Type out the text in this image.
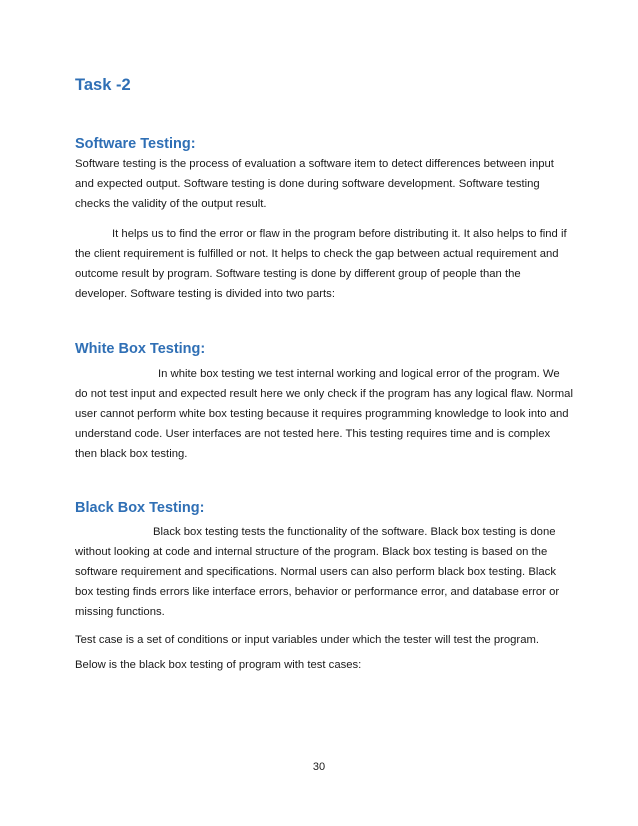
Task -2
Software Testing:

Software testing is the process of evaluation a software item to detect differences between input and expected output. Software testing is done during software development. Software testing checks the validity of the output result.

It helps us to find the error or flaw in the program before distributing it. It also helps to find if the client requirement is fulfilled or not. It helps to check the gap between actual requirement and outcome result by program. Software testing is done by different group of people than the developer. Software testing is divided into two parts:

White Box Testing:

In white box testing we test internal working and logical error of the program. We do not test input and expected result here we only check if the program has any logical flaw. Normal user cannot perform white box testing because it requires programming knowledge to look into and understand code. User interfaces are not tested here. This testing requires time and is complex then black box testing.

Black Box Testing:

Black box testing tests the functionality of the software. Black box testing is done without looking at code and internal structure of the program. Black box testing is based on the software requirement and specifications. Normal users can also perform black box testing. Black box testing finds errors like interface errors, behavior or performance error, and database error or missing functions.

Test case is a set of conditions or input variables under which the tester will test the program.

Below is the black box testing of program with test cases:

30
